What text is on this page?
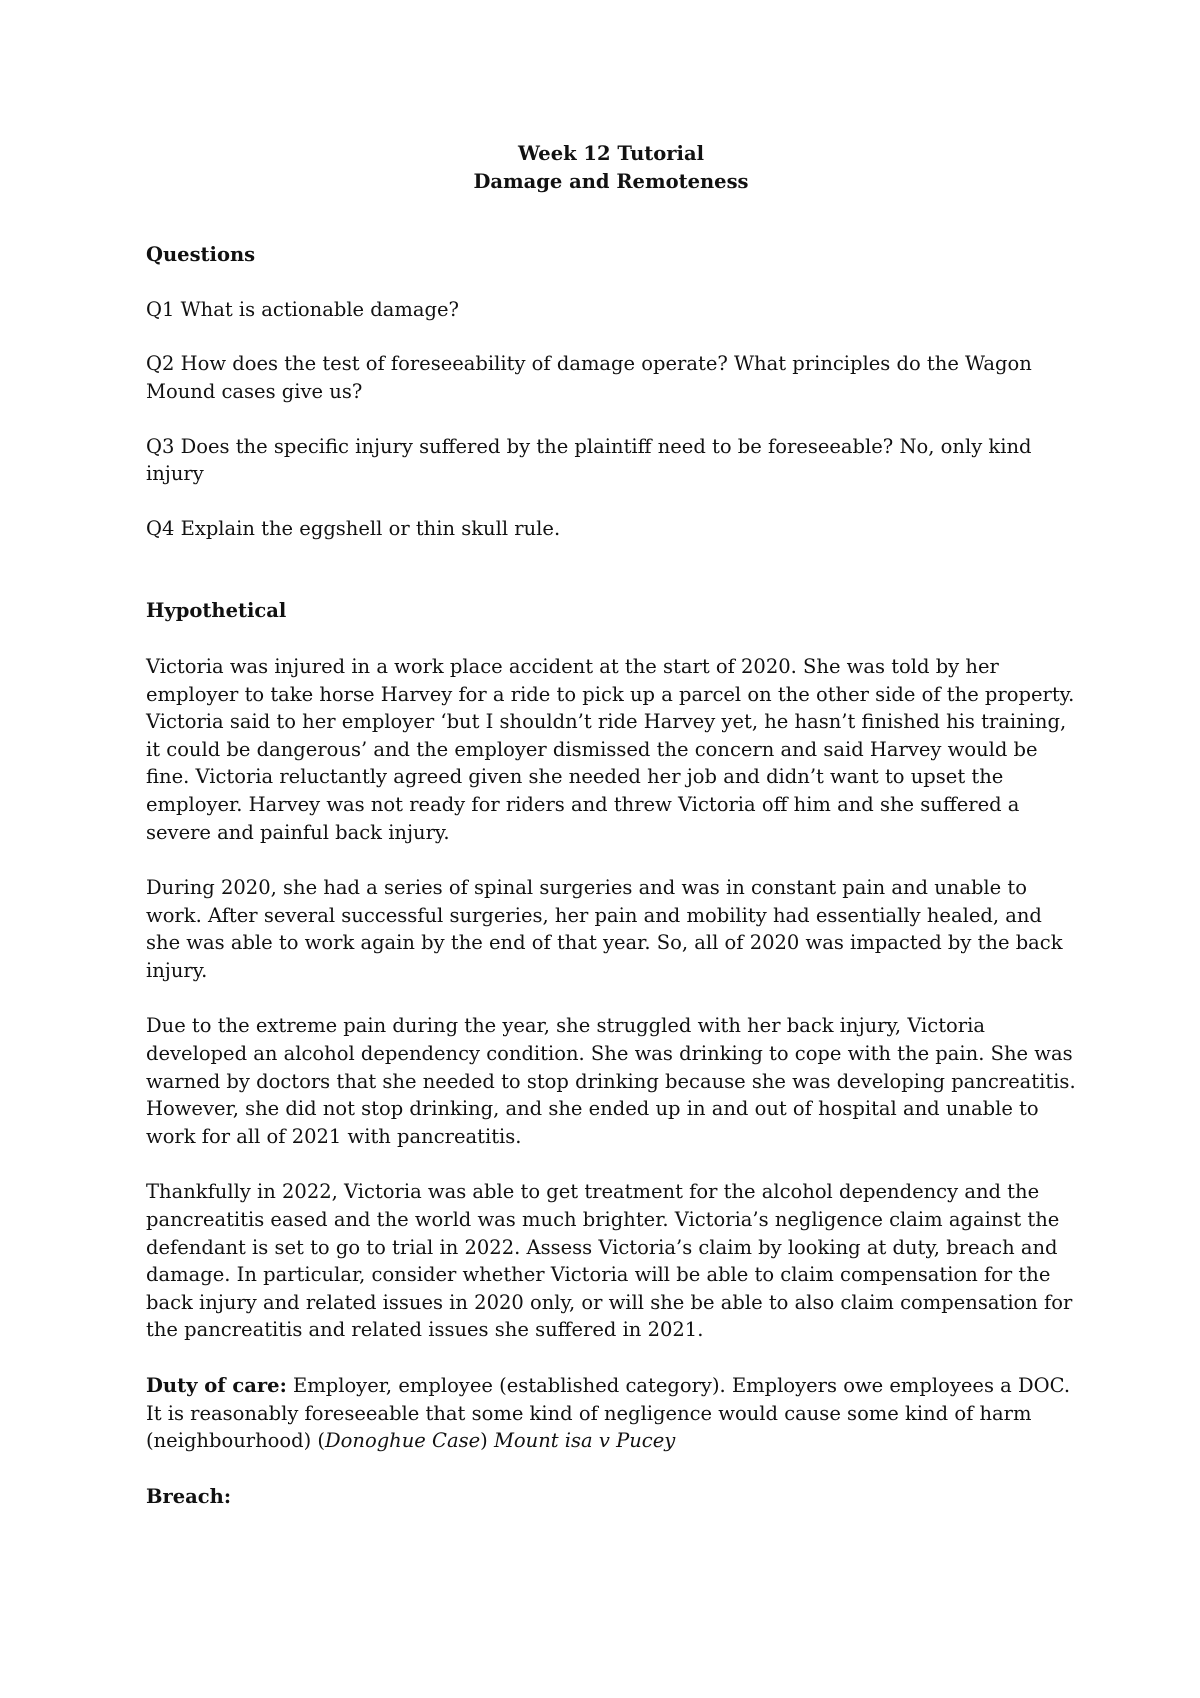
Week 12 Tutorial
Damage and Remoteness
Questions

Q1 What is actionable damage?

Q2 How does the test of foreseeability of damage operate? What principles do the Wagon Mound cases give us?

Q3 Does the specific injury suffered by the plaintiff need to be foreseeable? No, only kind injury

Q4 Explain the eggshell or thin skull rule.

Hypothetical

Victoria was injured in a work place accident at the start of 2020. She was told by her employer to take horse Harvey for a ride to pick up a parcel on the other side of the property. Victoria said to her employer ‘but I shouldn’t ride Harvey yet, he hasn’t finished his training, it could be dangerous’ and the employer dismissed the concern and said Harvey would be fine. Victoria reluctantly agreed given she needed her job and didn’t want to upset the employer. Harvey was not ready for riders and threw Victoria off him and she suffered a severe and painful back injury.

During 2020, she had a series of spinal surgeries and was in constant pain and unable to work. After several successful surgeries, her pain and mobility had essentially healed, and she was able to work again by the end of that year. So, all of 2020 was impacted by the back injury.

Due to the extreme pain during the year, she struggled with her back injury, Victoria developed an alcohol dependency condition. She was drinking to cope with the pain. She was warned by doctors that she needed to stop drinking because she was developing pancreatitis. However, she did not stop drinking, and she ended up in and out of hospital and unable to work for all of 2021 with pancreatitis.

Thankfully in 2022, Victoria was able to get treatment for the alcohol dependency and the pancreatitis eased and the world was much brighter. Victoria’s negligence claim against the defendant is set to go to trial in 2022. Assess Victoria’s claim by looking at duty, breach and damage. In particular, consider whether Victoria will be able to claim compensation for the back injury and related issues in 2020 only, or will she be able to also claim compensation for the pancreatitis and related issues she suffered in 2021.

Duty of care: Employer, employee (established category). Employers owe employees a DOC. It is reasonably foreseeable that some kind of negligence would cause some kind of harm (neighbourhood) (Donoghue Case) Mount isa v Pucey

Breach:
